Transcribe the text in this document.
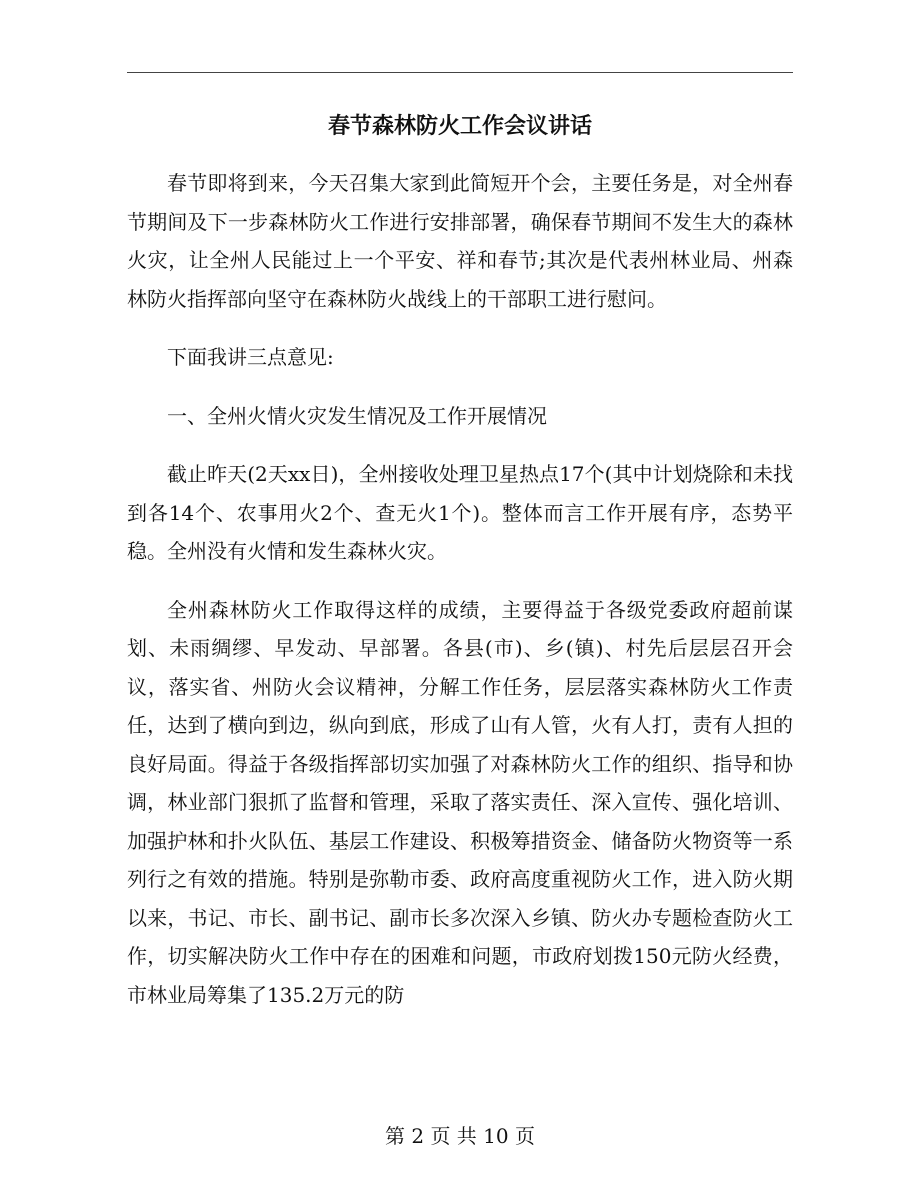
春节森林防火工作会议讲话

春节即将到来，今天召集大家到此简短开个会，主要任务是，对全州春节期间及下一步森林防火工作进行安排部署，确保春节期间不发生大的森林火灾，让全州人民能过上一个平安、祥和春节;其次是代表州林业局、州森林防火指挥部向坚守在森林防火战线上的干部职工进行慰问。

下面我讲三点意见:

一、全州火情火灾发生情况及工作开展情况

截止昨天(2天xx日)，全州接收处理卫星热点17个(其中计划烧除和未找到各14个、农事用火2个、查无火1个)。整体而言工作开展有序，态势平稳。全州没有火情和发生森林火灾。

全州森林防火工作取得这样的成绩，主要得益于各级党委政府超前谋划、未雨绸缪、早发动、早部署。各县(市)、乡(镇)、村先后层层召开会议，落实省、州防火会议精神，分解工作任务，层层落实森林防火工作责任，达到了横向到边，纵向到底，形成了山有人管，火有人打，责有人担的良好局面。得益于各级指挥部切实加强了对森林防火工作的组织、指导和协调，林业部门狠抓了监督和管理，采取了落实责任、深入宣传、强化培训、加强护林和扑火队伍、基层工作建设、积极筹措资金、储备防火物资等一系列行之有效的措施。特别是弥勒市委、政府高度重视防火工作，进入防火期以来，书记、市长、副书记、副市长多次深入乡镇、防火办专题检查防火工作，切实解决防火工作中存在的困难和问题，市政府划拨150元防火经费，市林业局筹集了135.2万元的防

第 2 页 共 10 页
